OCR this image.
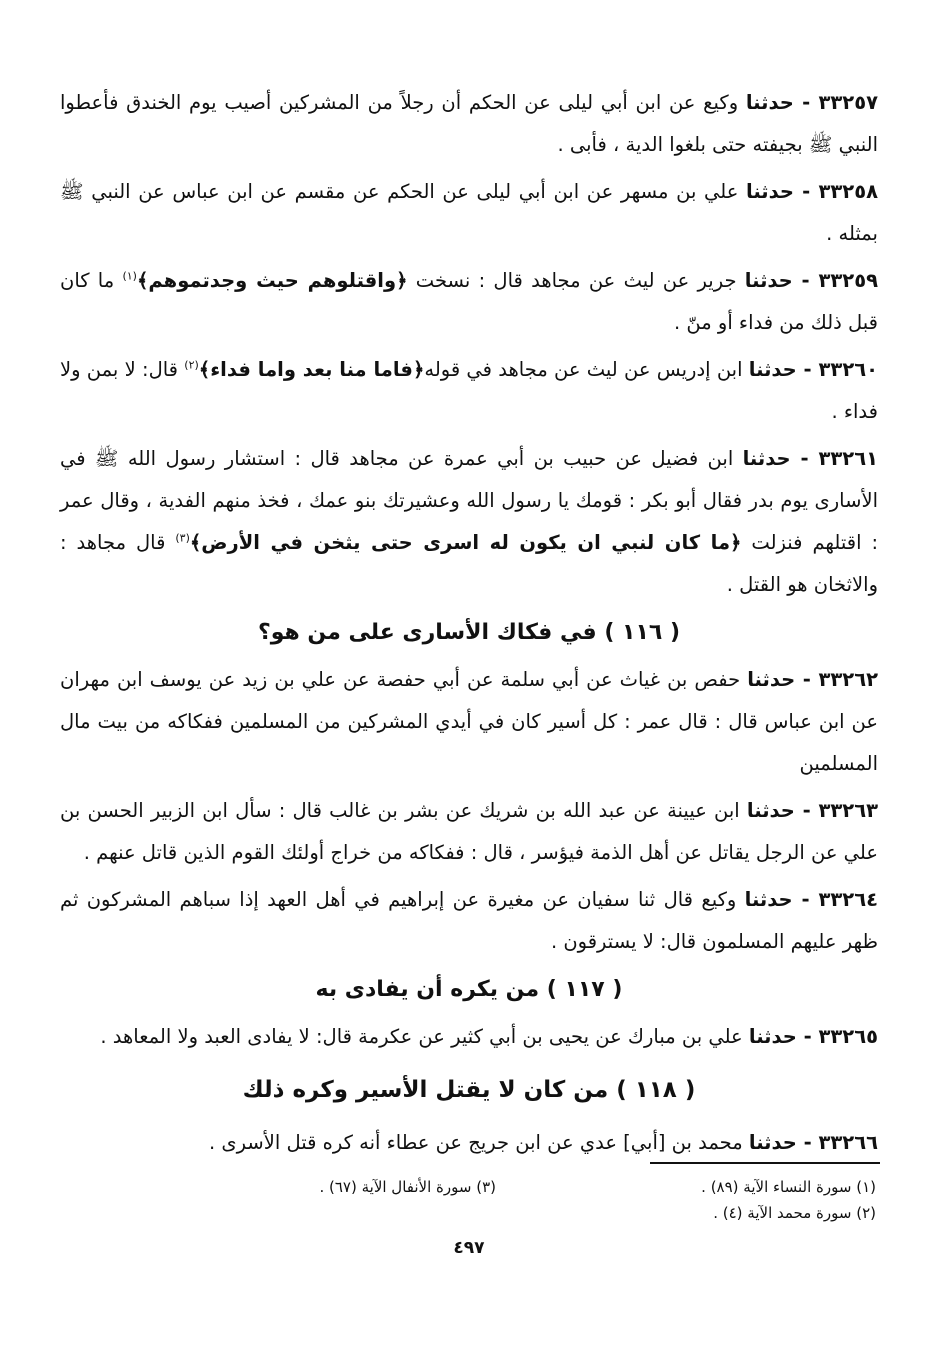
٣٣٢٥٧ - حدثنا وكيع عن ابن أبي ليلى عن الحكم أن رجلاً من المشركين أصيب يوم الخندق فأعطوا النبي ﷺ بجيفته حتى بلغوا الدية ، فأبى .

٣٣٢٥٨ - حدثنا علي بن مسهر عن ابن أبي ليلى عن الحكم عن مقسم عن ابن عباس عن النبي ﷺ بمثله .

٣٣٢٥٩ - حدثنا جرير عن ليث عن مجاهد قال : نسخت ﴿واقتلوهم حيث وجدتموهم﴾$^{(١)}$ ما كان قبل ذلك من فداء أو منّ .

٣٣٢٦٠ - حدثنا ابن إدريس عن ليث عن مجاهد في قوله﴿فاما منا بعد واما فداء﴾$^{(٢)}$ قال: لا بمن ولا فداء .

٣٣٢٦١ - حدثنا ابن فضيل عن حبيب بن أبي عمرة عن مجاهد قال : استشار رسول الله ﷺ في الأسارى يوم بدر فقال أبو بكر : قومك يا رسول الله وعشيرتك بنو عمك ، فخذ منهم الفدية ، وقال عمر : اقتلهم فنزلت ﴿ما كان لنبي ان يكون له اسرى حتى يثخن في الأرض﴾$^{(٣)}$ قال مجاهد : والاثخان هو القتل .

( ١١٦ ) في فكاك الأسارى على من هو؟

٣٣٢٦٢ - حدثنا حفص بن غياث عن أبي سلمة عن أبي حفصة عن علي بن زيد عن يوسف ابن مهران عن ابن عباس قال : قال عمر : كل أسير كان في أيدي المشركين من المسلمين ففكاكه من بيت مال المسلمين

٣٣٢٦٣ - حدثنا ابن عيينة عن عبد الله بن شريك عن بشر بن غالب قال : سأل ابن الزبير الحسن بن علي عن الرجل يقاتل عن أهل الذمة فيؤسر ، قال : ففكاكه من خراج أولئك القوم الذين قاتل عنهم .

٣٣٢٦٤ - حدثنا وكيع قال ثنا سفيان عن مغيرة عن إبراهيم في أهل العهد إذا سباهم المشركون ثم ظهر عليهم المسلمون قال: لا يسترقون .

( ١١٧ ) من يكره أن يفادى به

٣٣٢٦٥ - حدثنا علي بن مبارك عن يحيى بن أبي كثير عن عكرمة قال: لا يفادى العبد ولا المعاهد .

( ١١٨ ) من كان لا يقتل الأسير وكره ذلك

٣٣٢٦٦ - حدثنا محمد بن [أبي] عدي عن ابن جريج عن عطاء أنه كره قتل الأسرى .

(١) سورة النساء الآية (٨٩) .
(٣) سورة الأنفال الآية (٦٧) .
(٢) سورة محمد الآية (٤) .
٤٩٧
